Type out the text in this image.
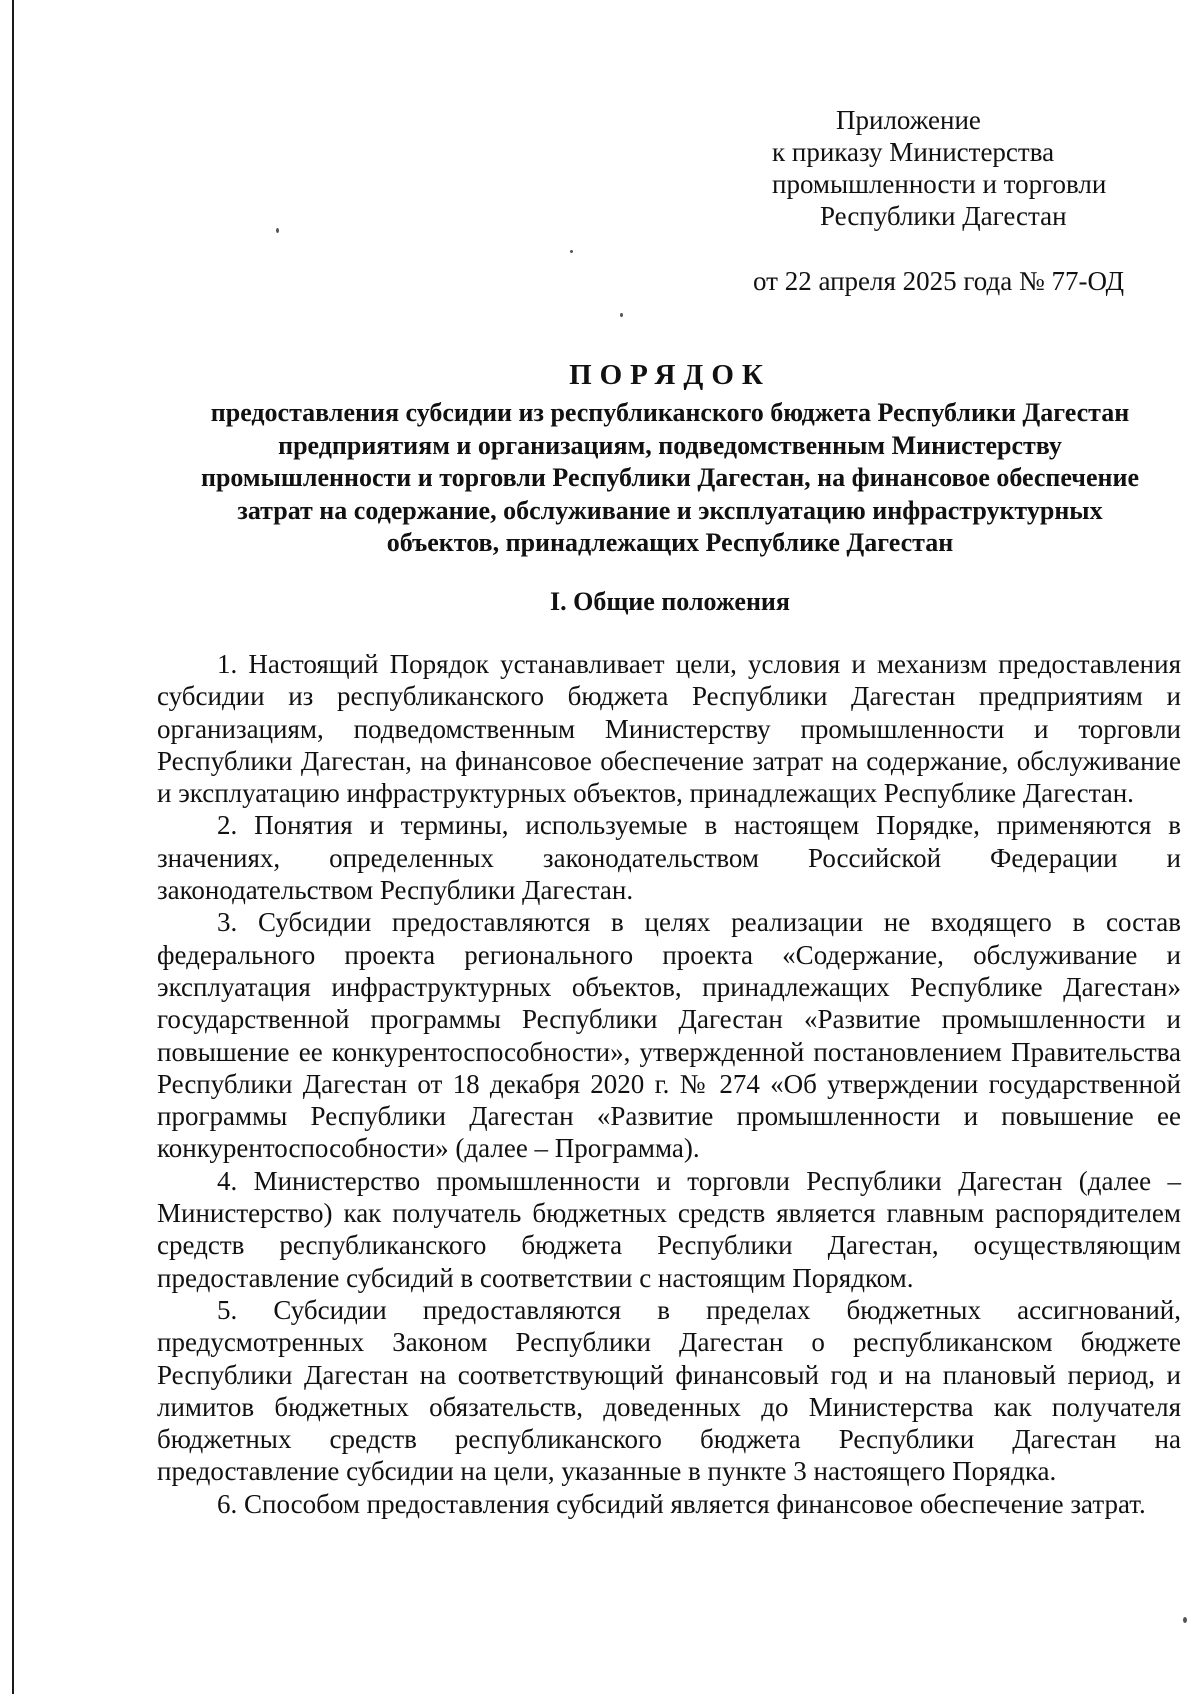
Приложение
к приказу Министерства
промышленности и торговли
Республики Дагестан
от 22 апреля 2025 года № 77-ОД
ПОРЯДОК
предоставления субсидии из республиканского бюджета Республики Дагестан
предприятиям и организациям, подведомственным Министерству
промышленности и торговли Республики Дагестан, на финансовое обеспечение
затрат на содержание, обслуживание и эксплуатацию инфраструктурных
объектов, принадлежащих Республике Дагестан
I. Общие положения

1. Настоящий Порядок устанавливает цели, условия и механизм предоставления субсидии из республиканского бюджета Республики Дагестан предприятиям и организациям, подведомственным Министерству промышленности и торговли Республики Дагестан, на финансовое обеспечение затрат на содержание, обслуживание и эксплуатацию инфраструктурных объектов, принадлежащих Республике Дагестан.

2. Понятия и термины, используемые в настоящем Порядке, применяются в значениях, определенных законодательством Российской Федерации и законодательством Республики Дагестан.

3. Субсидии предоставляются в целях реализации не входящего в состав федерального проекта регионального проекта «Содержание, обслуживание и эксплуатация инфраструктурных объектов, принадлежащих Республике Дагестан» государственной программы Республики Дагестан «Развитие промышленности и повышение ее конкурентоспособности», утвержденной постановлением Правительства Республики Дагестан от 18 декабря 2020 г. № 274 «Об утверждении государственной программы Республики Дагестан «Развитие промышленности и повышение ее конкурентоспособности» (далее – Программа).

4. Министерство промышленности и торговли Республики Дагестан (далее – Министерство) как получатель бюджетных средств является главным распорядителем средств республиканского бюджета Республики Дагестан, осуществляющим предоставление субсидий в соответствии с настоящим Порядком.

5. Субсидии предоставляются в пределах бюджетных ассигнований, предусмотренных Законом Республики Дагестан о республиканском бюджете Республики Дагестан на соответствующий финансовый год и на плановый период, и лимитов бюджетных обязательств, доведенных до Министерства как получателя бюджетных средств республиканского бюджета Республики Дагестан на предоставление субсидии на цели, указанные в пункте 3 настоящего Порядка.

6. Способом предоставления субсидий является финансовое обеспечение затрат.
